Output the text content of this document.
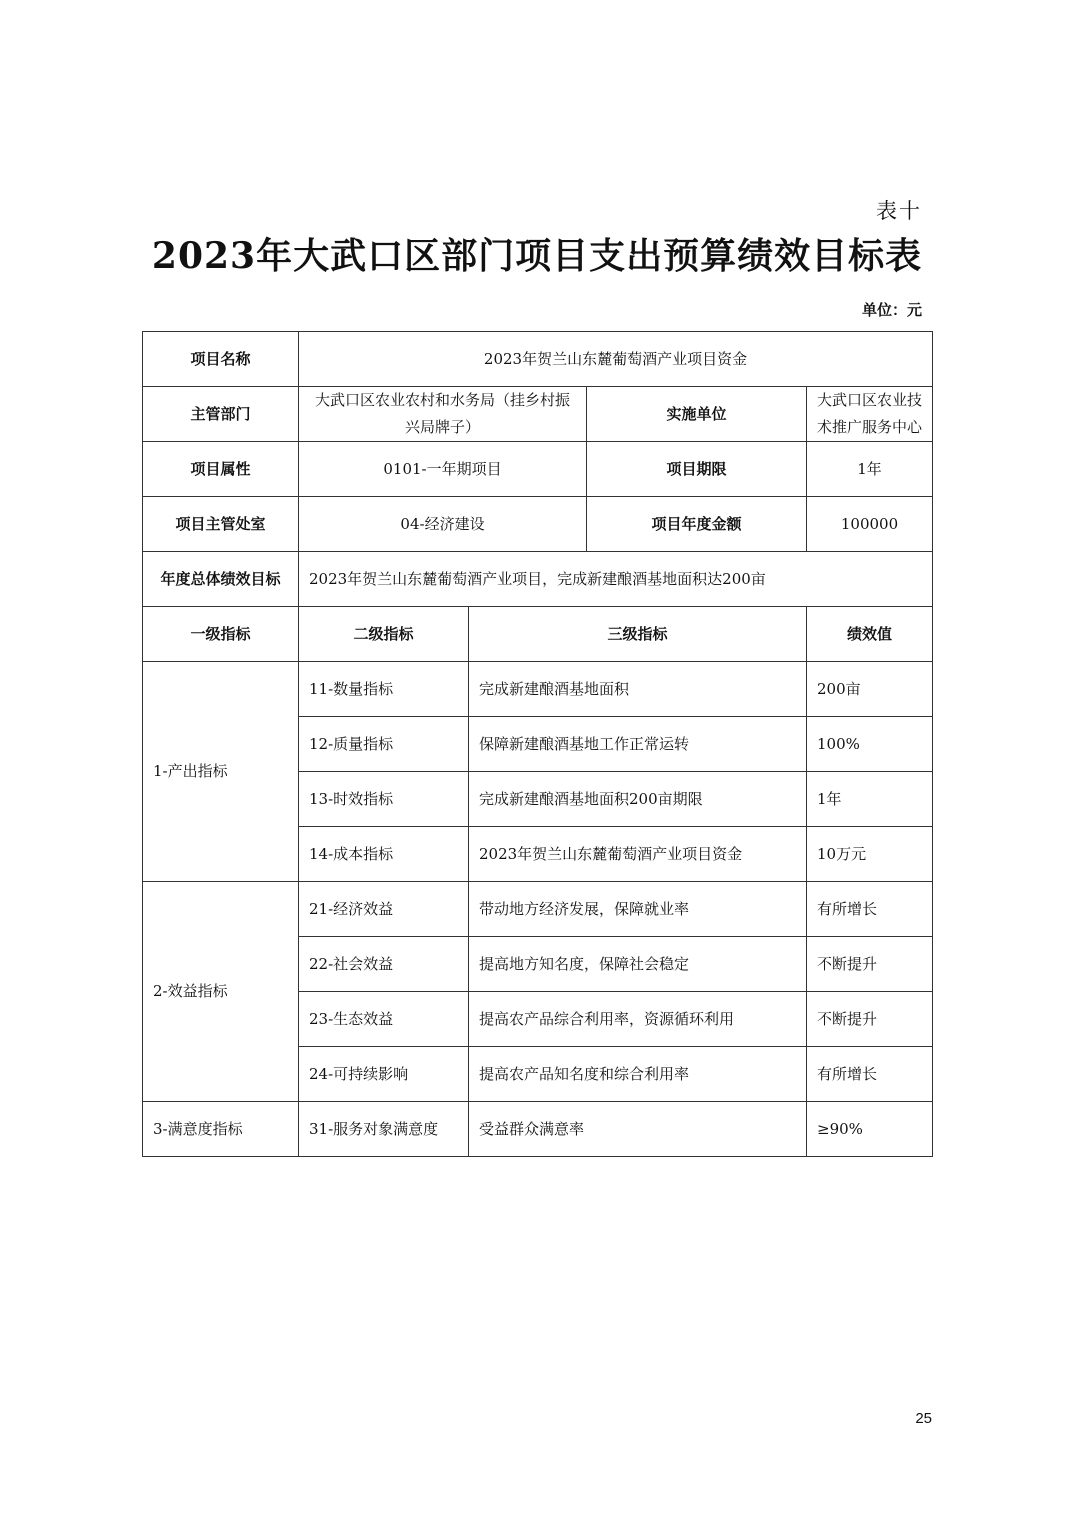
表十
2023年大武口区部门项目支出预算绩效目标表
单位：元
项目名称	2023年贺兰山东麓葡萄酒产业项目资金			
主管部门	大武口区农业农村和水务局（挂乡村振兴局牌子）		实施单位	大武口区农业技术推广服务中心
项目属性	0101-一年期项目		项目期限	1年
项目主管处室	04-经济建设		项目年度金额	100000
年度总体绩效目标	2023年贺兰山东麓葡萄酒产业项目，完成新建酿酒基地面积达200亩			
一级指标	二级指标	三级指标		绩效值
1-产出指标	11-数量指标	完成新建酿酒基地面积		200亩
	12-质量指标	保障新建酿酒基地工作正常运转		100%
	13-时效指标	完成新建酿酒基地面积200亩期限		1年
	14-成本指标	2023年贺兰山东麓葡萄酒产业项目资金		10万元
2-效益指标	21-经济效益	带动地方经济发展，保障就业率		有所增长
	22-社会效益	提高地方知名度，保障社会稳定		不断提升
	23-生态效益	提高农产品综合利用率，资源循环利用		不断提升
	24-可持续影响	提高农产品知名度和综合利用率		有所增长
3-满意度指标	31-服务对象满意度	受益群众满意率		≥90%
25
